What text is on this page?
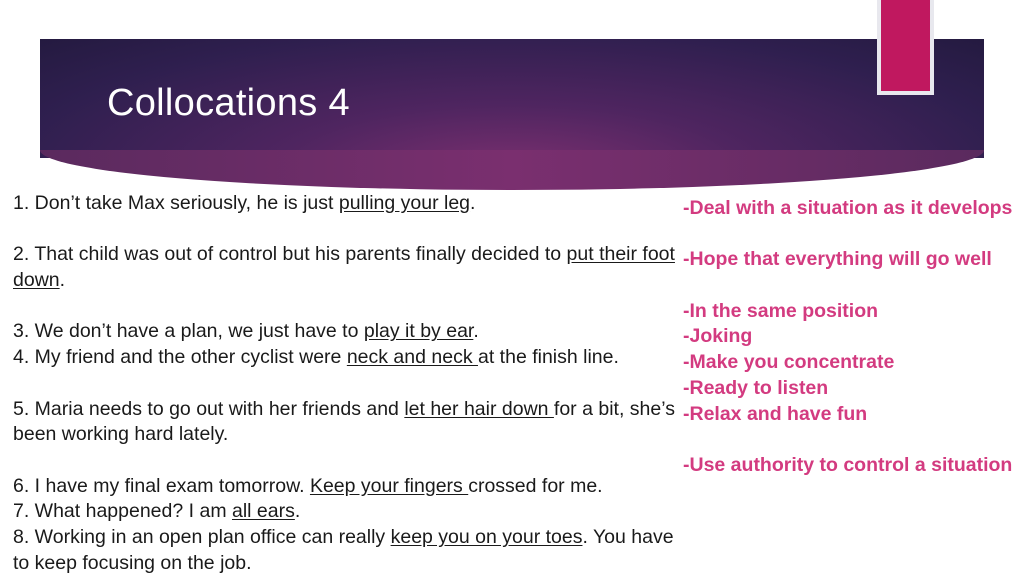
Collocations 4
1. Don’t take Max seriously, he is just pulling your leg.
2. That child was out of control but his parents finally decided to put their foot down.
3. We don’t have a plan, we just have to play it by ear.
4. My friend and the other cyclist were neck and neck at the finish line.
5. Maria needs to go out with her friends and let her hair down for a bit, she’s been working hard lately.
6. I have my final exam tomorrow. Keep your fingers crossed for me.
7. What happened? I am all ears.
8. Working in an open plan office can really keep you on your toes. You have to keep focusing on the job.
-Deal with a situation as it develops
-Hope that everything will go well
-In the same position
-Joking
-Make you concentrate
-Ready to listen
-Relax and have fun
-Use authority to control a situation
